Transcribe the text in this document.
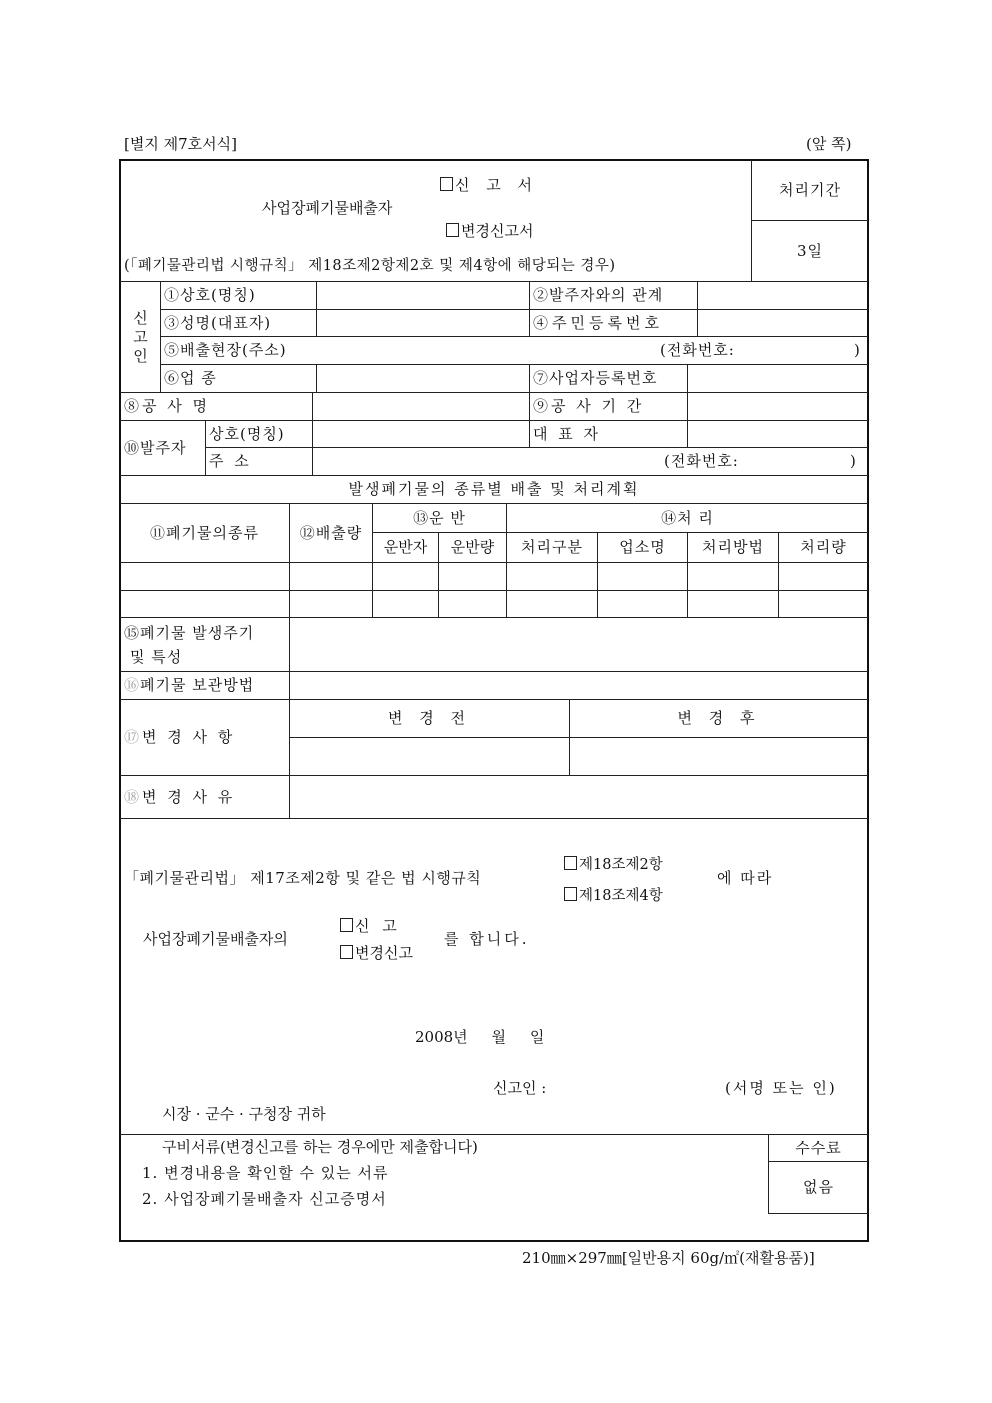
[별지 제7호서식]	(앞 쪽)
신 고 서
사업장폐기물배출자
변경신고서
(「폐기물관리법 시행규칙」 제18조제2항제2호 및 제4항에 해당되는 경우)
처리기간
3일
신
고
인
①상호(명칭)	②발주자와의 관계
③성명(대표자)	④주민등록번호
⑤배출현장(주소)	(전화번호:	)
⑥업 종	⑦사업자등록번호
⑧공 사 명	⑨공 사 기 간
⑩발주자
상호(명칭)	대 표 자
주 소	(전화번호:	)
발생폐기물의 종류별 배출 및 처리계획
⑪폐기물의종류	⑫배출량
⑬운 반	⑭처 리
운반자	운반량	처리구분	업소명	처리방법	처리량
⑮폐기물 발생주기
및 특성
⑯ 폐기물 보관방법
⑰ 변 경 사 항
변 경 전	변 경 후
⑱ 변 경 사 유
「폐기물관리법」 제17조제2항 및 같은 법 시행규칙
제18조제2항
제18조제4항
에 따라
사업장폐기물배출자의
신 고
변경신고
를 합니다.
2008년     월     일
신고인 :	(서명 또는 인)
시장 · 군수 · 구청장 귀하
구비서류(변경신고를 하는 경우에만 제출합니다)
1. 변경내용을 확인할 수 있는 서류
2. 사업장폐기물배출자 신고증명서
수수료
없음
210㎜×297㎜[일반용지 60g/㎡(재활용품)]
